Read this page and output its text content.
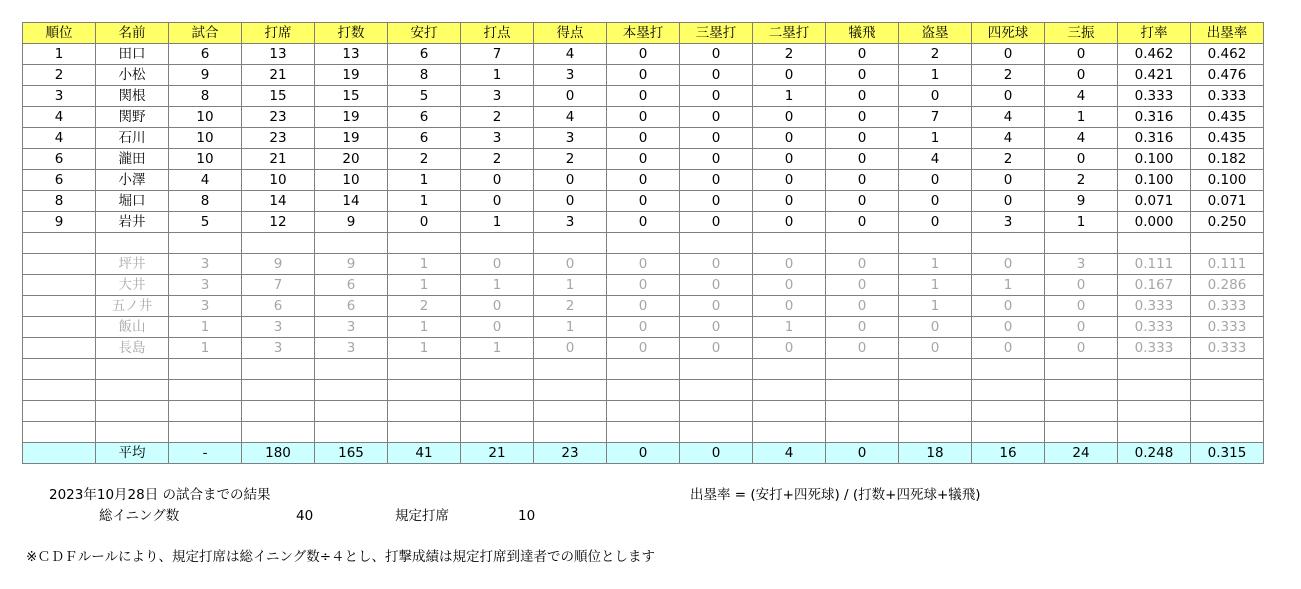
順位	名前	試合	打席	打数	安打	打点	得点	本塁打	三塁打	二塁打	犠飛	盗塁	四死球	三振	打率	出塁率
1	田口	6	13	13	6	7	4	0	0	2	0	2	0	0	0.462	0.462
2	小松	9	21	19	8	1	3	0	0	0	0	1	2	0	0.421	0.476
3	関根	8	15	15	5	3	0	0	0	1	0	0	0	4	0.333	0.333
4	関野	10	23	19	6	2	4	0	0	0	0	7	4	1	0.316	0.435
4	石川	10	23	19	6	3	3	0	0	0	0	1	4	4	0.316	0.435
6	瀧田	10	21	20	2	2	2	0	0	0	0	4	2	0	0.100	0.182
6	小澤	4	10	10	1	0	0	0	0	0	0	0	0	2	0.100	0.100
8	堀口	8	14	14	1	0	0	0	0	0	0	0	0	9	0.071	0.071
9	岩井	5	12	9	0	1	3	0	0	0	0	0	3	1	0.000	0.250

	坪井	3	9	9	1	0	0	0	0	0	0	1	0	3	0.111	0.111
	大井	3	7	6	1	1	1	0	0	0	0	1	1	0	0.167	0.286
	五ノ井	3	6	6	2	0	2	0	0	0	0	1	0	0	0.333	0.333
	飯山	1	3	3	1	0	1	0	0	1	0	0	0	0	0.333	0.333
	長島	1	3	3	1	1	0	0	0	0	0	0	0	0	0.333	0.333

	平均	-	180	165	41	21	23	0	0	4	0	18	16	24	0.248	0.315
2023年10月28日 の試合までの結果
総イニング数	40	規定打席	10
出塁率 = (安打+四死球) / (打数+四死球+犠飛)
※ＣＤＦルールにより、規定打席は総イニング数÷４とし、打撃成績は規定打席到達者での順位とします
